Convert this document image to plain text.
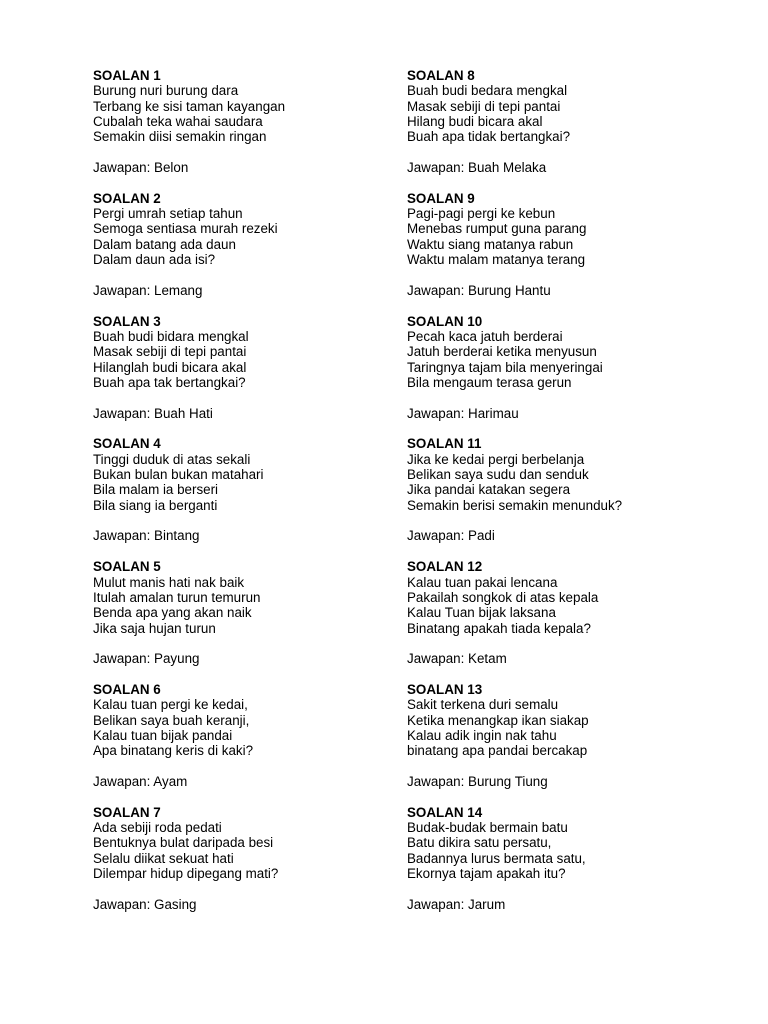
SOALAN 1
Burung nuri burung dara
Terbang ke sisi taman kayangan
Cubalah teka wahai saudara
Semakin diisi semakin ringan
Jawapan: Belon
SOALAN 2
Pergi umrah setiap tahun
Semoga sentiasa murah rezeki
Dalam batang ada daun
Dalam daun ada isi?
Jawapan: Lemang
SOALAN 3
Buah budi bidara mengkal
Masak sebiji di tepi pantai
Hilanglah budi bicara akal
Buah apa tak bertangkai?
Jawapan: Buah Hati
SOALAN 4
Tinggi duduk di atas sekali
Bukan bulan bukan matahari
Bila malam ia berseri
Bila siang ia berganti
Jawapan: Bintang
SOALAN 5
Mulut manis hati nak baik
Itulah amalan turun temurun
Benda apa yang akan naik
Jika saja hujan turun
Jawapan: Payung
SOALAN 6
Kalau tuan pergi ke kedai,
Belikan saya buah keranji,
Kalau tuan bijak pandai
Apa binatang keris di kaki?
Jawapan: Ayam
SOALAN 7
Ada sebiji roda pedati
Bentuknya bulat daripada besi
Selalu diikat sekuat hati
Dilempar hidup dipegang mati?
Jawapan: Gasing
SOALAN 8
Buah budi bedara mengkal
Masak sebiji di tepi pantai
Hilang budi bicara akal
Buah apa tidak bertangkai?
Jawapan: Buah Melaka
SOALAN 9
Pagi-pagi pergi ke kebun
Menebas rumput guna parang
Waktu siang matanya rabun
Waktu malam matanya terang
Jawapan: Burung Hantu
SOALAN 10
Pecah kaca jatuh berderai
Jatuh berderai ketika menyusun
Taringnya tajam bila menyeringai
Bila mengaum terasa gerun
Jawapan: Harimau
SOALAN 11
Jika ke kedai pergi berbelanja
Belikan saya sudu dan senduk
Jika pandai katakan segera
Semakin berisi semakin menunduk?
Jawapan: Padi
SOALAN 12
Kalau tuan pakai lencana
Pakailah songkok di atas kepala
Kalau Tuan bijak laksana
Binatang apakah tiada kepala?
Jawapan: Ketam
SOALAN 13
Sakit terkena duri semalu
Ketika menangkap ikan siakap
Kalau adik ingin nak tahu
binatang apa pandai bercakap
Jawapan: Burung Tiung
SOALAN 14
Budak-budak bermain batu
Batu dikira satu persatu,
Badannya lurus bermata satu,
Ekornya tajam apakah itu?
Jawapan: Jarum
